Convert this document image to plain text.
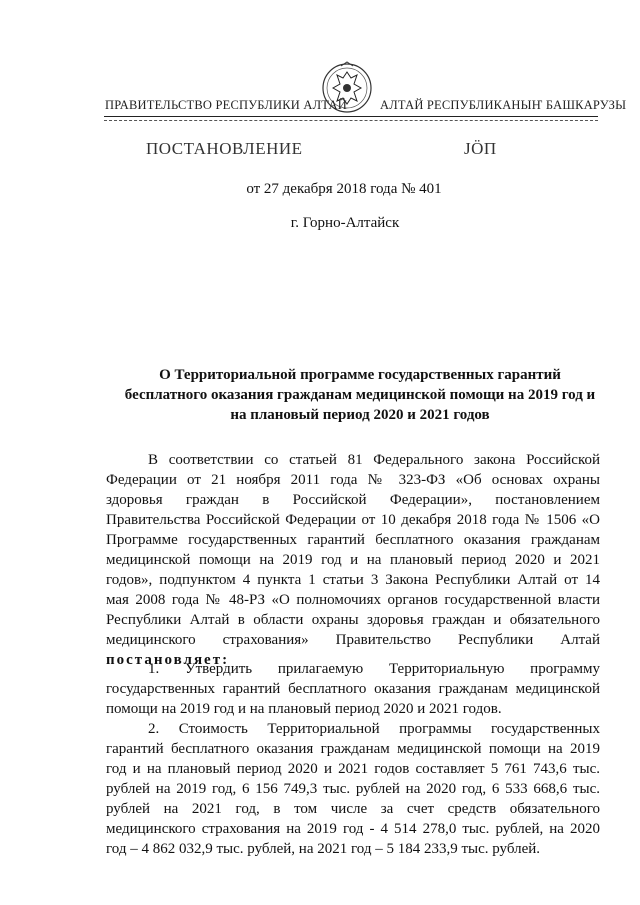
ПРАВИТЕЛЬСТВО РЕСПУБЛИКИ АЛТАЙ	АЛТАЙ РЕСПУБЛИКАНЫҤ БАШКАРУЗЫ
ПОСТАНОВЛЕНИЕ	ЈӦП
от 27 декабря 2018 года № 401
г. Горно-Алтайск
О Территориальной программе государственных гарантий
бесплатного оказания гражданам медицинской помощи на 2019 год и
на плановый период 2020 и 2021 годов
В соответствии со статьей 81 Федерального закона Российской
Федерации от 21 ноября 2011 года № 323-ФЗ «Об основах охраны
здоровья граждан в Российской Федерации», постановлением
Правительства Российской Федерации от 10 декабря 2018 года № 1506 «О
Программе государственных гарантий бесплатного оказания гражданам
медицинской помощи на 2019 год и на плановый период 2020 и 2021
годов», подпунктом 4 пункта 1 статьи 3 Закона Республики Алтай от 14
мая 2008 года № 48-РЗ «О полномочиях органов государственной власти
Республики Алтай в области охраны здоровья граждан и обязательного
медицинского страхования» Правительство Республики Алтай
постановляет:
1. Утвердить прилагаемую Территориальную программу
государственных гарантий бесплатного оказания гражданам медицинской
помощи на 2019 год и на плановый период 2020 и 2021 годов.
2. Стоимость Территориальной программы государственных
гарантий бесплатного оказания гражданам медицинской помощи на 2019
год и на плановый период 2020 и 2021 годов составляет 5 761 743,6 тыс.
рублей на 2019 год, 6 156 749,3 тыс. рублей на 2020 год, 6 533 668,6 тыс.
рублей на 2021 год, в том числе за счет средств обязательного
медицинского страхования на 2019 год - 4 514 278,0 тыс. рублей, на 2020
год – 4 862 032,9 тыс. рублей, на 2021 год – 5 184 233,9 тыс. рублей.
